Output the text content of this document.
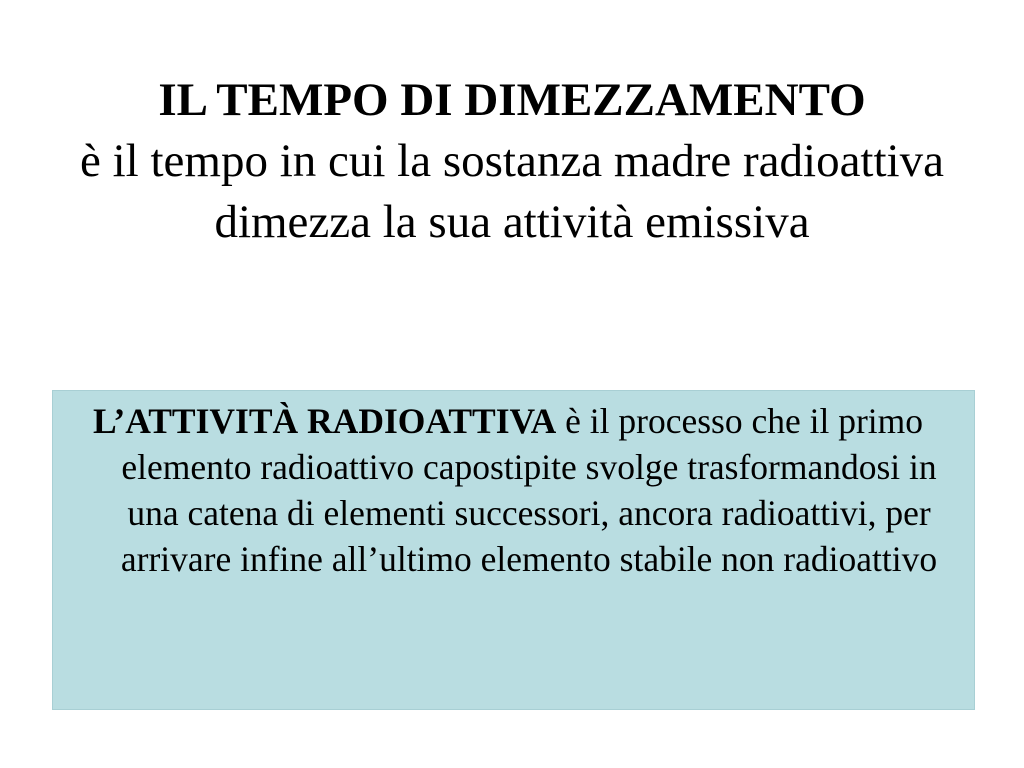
IL TEMPO DI DIMEZZAMENTO
è il tempo in cui la sostanza madre radioattiva dimezza la sua attività emissiva
L’ATTIVITÀ RADIOATTIVA è il processo che il primo elemento radioattivo capostipite svolge trasformandosi in una catena di elementi successori, ancora radioattivi, per arrivare infine all’ultimo elemento stabile non radioattivo
